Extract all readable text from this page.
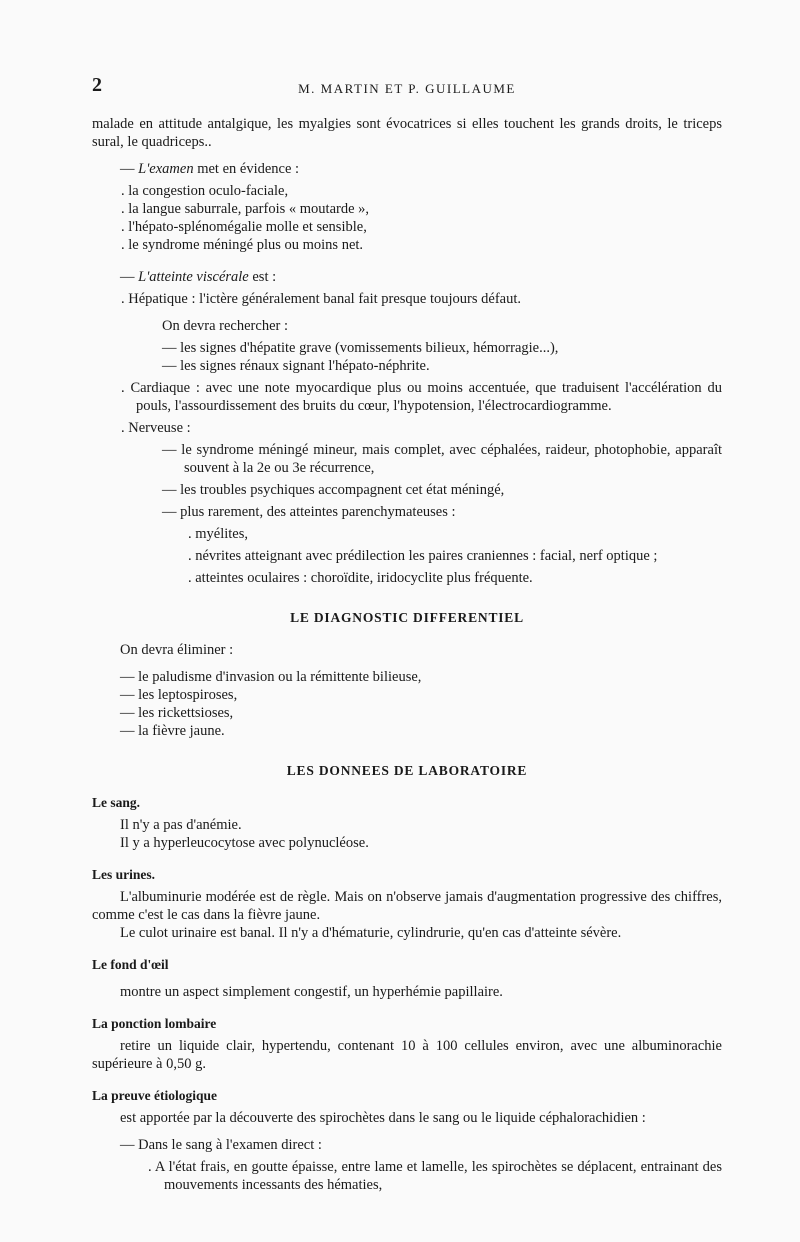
2	M. MARTIN ET P. GUILLAUME

malade en attitude antalgique, les myalgies sont évocatrices si elles touchent les grands droits, le triceps sural, le quadriceps..

— L'examen met en évidence :

. la congestion oculo-faciale,

. la langue saburrale, parfois « moutarde »,

. l'hépato-splénomégalie molle et sensible,

. le syndrome méningé plus ou moins net.

— L'atteinte viscérale est :

. Hépatique : l'ictère généralement banal fait presque toujours défaut.

On devra rechercher :

— les signes d'hépatite grave (vomissements bilieux, hémorragie...),

— les signes rénaux signant l'hépato-néphrite.

. Cardiaque : avec une note myocardique plus ou moins accentuée, que traduisent l'accélération du pouls, l'assourdissement des bruits du cœur, l'hypotension, l'électrocardiogramme.

. Nerveuse :

— le syndrome méningé mineur, mais complet, avec céphalées, raideur, photophobie, apparaît souvent à la 2e ou 3e récurrence,

— les troubles psychiques accompagnent cet état méningé,

— plus rarement, des atteintes parenchymateuses :

. myélites,

. névrites atteignant avec prédilection les paires craniennes : facial, nerf optique ;

. atteintes oculaires : choroïdite, iridocyclite plus fréquente.

LE DIAGNOSTIC DIFFERENTIEL

On devra éliminer :

— le paludisme d'invasion ou la rémittente bilieuse,

— les leptospiroses,

— les rickettsioses,

— la fièvre jaune.

LES DONNEES DE LABORATOIRE

Le sang.

Il n'y a pas d'anémie.

Il y a hyperleucocytose avec polynucléose.

Les urines.

L'albuminurie modérée est de règle. Mais on n'observe jamais d'augmentation progressive des chiffres, comme c'est le cas dans la fièvre jaune.

Le culot urinaire est banal. Il n'y a d'hématurie, cylindrurie, qu'en cas d'atteinte sévère.

Le fond d'œil

montre un aspect simplement congestif, un hyperhémie papillaire.

La ponction lombaire

retire un liquide clair, hypertendu, contenant 10 à 100 cellules environ, avec une albuminorachie supérieure à 0,50 g.

La preuve étiologique

est apportée par la découverte des spirochètes dans le sang ou le liquide céphalorachidien :

— Dans le sang à l'examen direct :

. A l'état frais, en goutte épaisse, entre lame et lamelle, les spirochètes se déplacent, entrainant des mouvements incessants des hématies,
